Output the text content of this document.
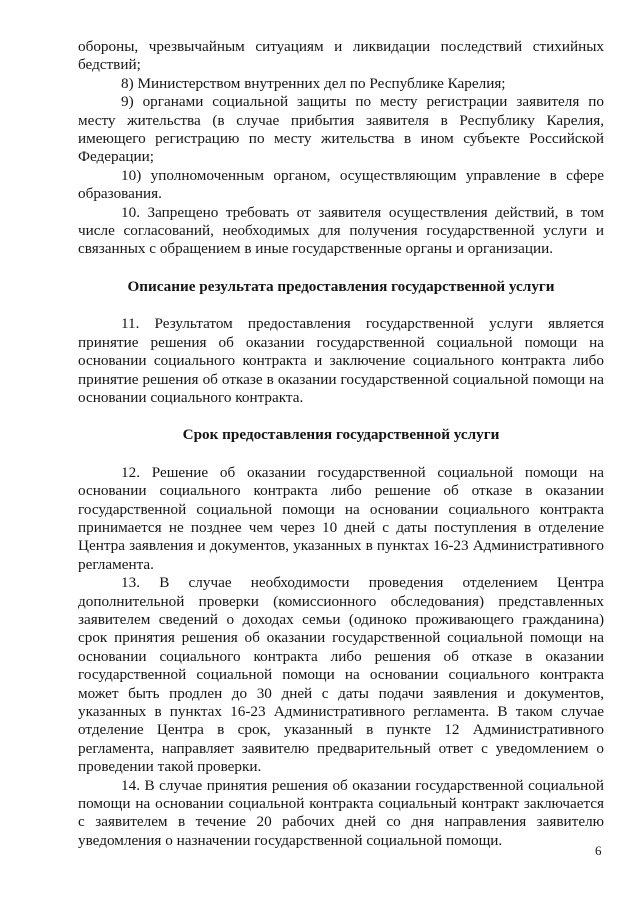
обороны, чрезвычайным ситуациям и ликвидации последствий стихийных бедствий;

8) Министерством внутренних дел по Республике Карелия;

9) органами социальной защиты по месту регистрации заявителя по месту жительства (в случае прибытия заявителя в Республику Карелия, имеющего регистрацию по месту жительства в ином субъекте Российской Федерации;

10) уполномоченным органом, осуществляющим управление в сфере образования.

10. Запрещено требовать от заявителя осуществления действий, в том числе согласований, необходимых для получения государственной услуги и связанных с обращением в иные государственные органы и организации.

Описание результата предоставления государственной услуги

11. Результатом предоставления государственной услуги является принятие решения об оказании государственной социальной помощи на основании социального контракта и заключение социального контракта либо принятие решения об отказе в оказании государственной социальной помощи на основании социального контракта.

Срок предоставления государственной услуги

12. Решение об оказании государственной социальной помощи на основании социального контракта либо решение об отказе в оказании государственной социальной помощи на основании социального контракта принимается не позднее чем через 10 дней с даты поступления в отделение Центра заявления и документов, указанных в пунктах 16-23 Административного регламента.

13. В случае необходимости проведения отделением Центра дополнительной проверки (комиссионного обследования) представленных заявителем сведений о доходах семьи (одиноко проживающего гражданина) срок принятия решения об оказании государственной социальной помощи на основании социального контракта либо решения об отказе в оказании государственной социальной помощи на основании социального контракта может быть продлен до 30 дней с даты подачи заявления и документов, указанных в пунктах 16-23 Административного регламента. В таком случае отделение Центра в срок, указанный в пункте 12 Административного регламента, направляет заявителю предварительный ответ с уведомлением о проведении такой проверки.

14. В случае принятия решения об оказании государственной социальной помощи на основании социальной контракта социальный контракт заключается с заявителем в течение 20 рабочих дней со дня направления заявителю уведомления о назначении государственной социальной помощи.

6
